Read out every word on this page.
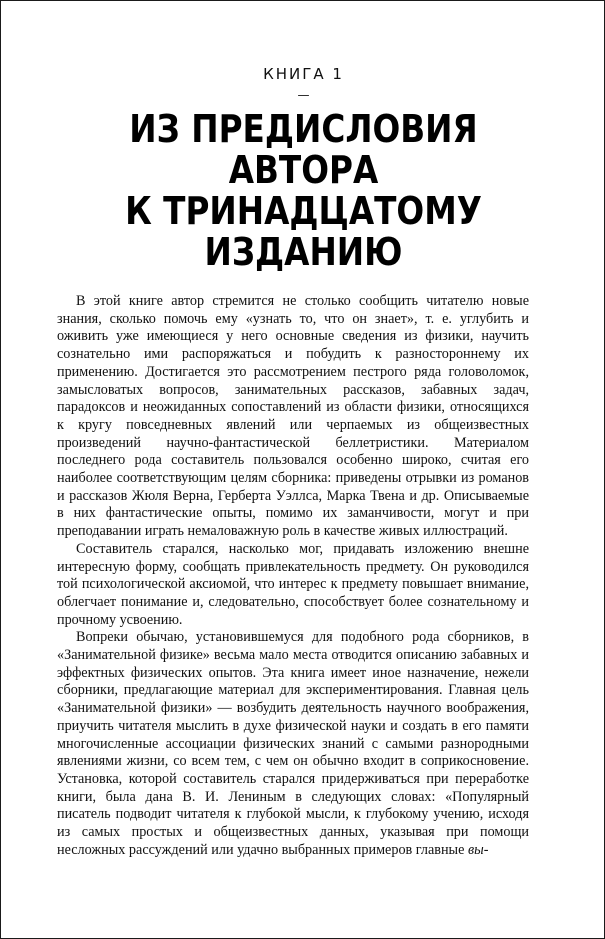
КНИГА 1
—
ИЗ ПРЕДИСЛОВИЯ
АВТОРА
К ТРИНАДЦАТОМУ
ИЗДАНИЮ

В этой книге автор стремится не столько сообщить читателю новые знания, сколько помочь ему «узнать то, что он знает», т. е. углубить и оживить уже имеющиеся у него основные сведения из физики, научить сознательно ими распоряжаться и побудить к разностороннему их применению. Достигается это рассмотрением пестрого ряда головоломок, замысловатых вопросов, занимательных рассказов, забавных задач, парадоксов и неожиданных сопоставлений из области физики, относящихся к кругу повседневных явлений или черпаемых из общеизвестных произведений научно-фантастической беллетристики. Материалом последнего рода составитель пользовался особенно широко, считая его наиболее соответствующим целям сборника: приведены отрывки из романов и рассказов Жюля Верна, Герберта Уэллса, Марка Твена и др. Описываемые в них фантастические опыты, помимо их заманчивости, могут и при преподавании играть немаловажную роль в качестве живых иллюстраций.

Составитель старался, насколько мог, придавать изложению внешне интересную форму, сообщать привлекательность предмету. Он руководился той психологической аксиомой, что интерес к предмету повышает внимание, облегчает понимание и, следовательно, способствует более сознательному и прочному усвоению.

Вопреки обычаю, установившемуся для подобного рода сборников, в «Занимательной физике» весьма мало места отводится описанию забавных и эффектных физических опытов. Эта книга имеет иное назначение, нежели сборники, предлагающие материал для экспериментирования. Главная цель «Занимательной физики» — возбудить деятельность научного воображения, приучить читателя мыслить в духе физической науки и создать в его памяти многочисленные ассоциации физических знаний с самыми разнородными явлениями жизни, со всем тем, с чем он обычно входит в соприкосновение. Установка, которой составитель старался придерживаться при переработке книги, была дана В. И. Лениным в следующих словах: «Популярный писатель подводит читателя к глубокой мысли, к глубокому учению, исходя из самых простых и общеизвестных данных, указывая при помощи несложных рассуждений или удачно выбранных примеров главные вы-
